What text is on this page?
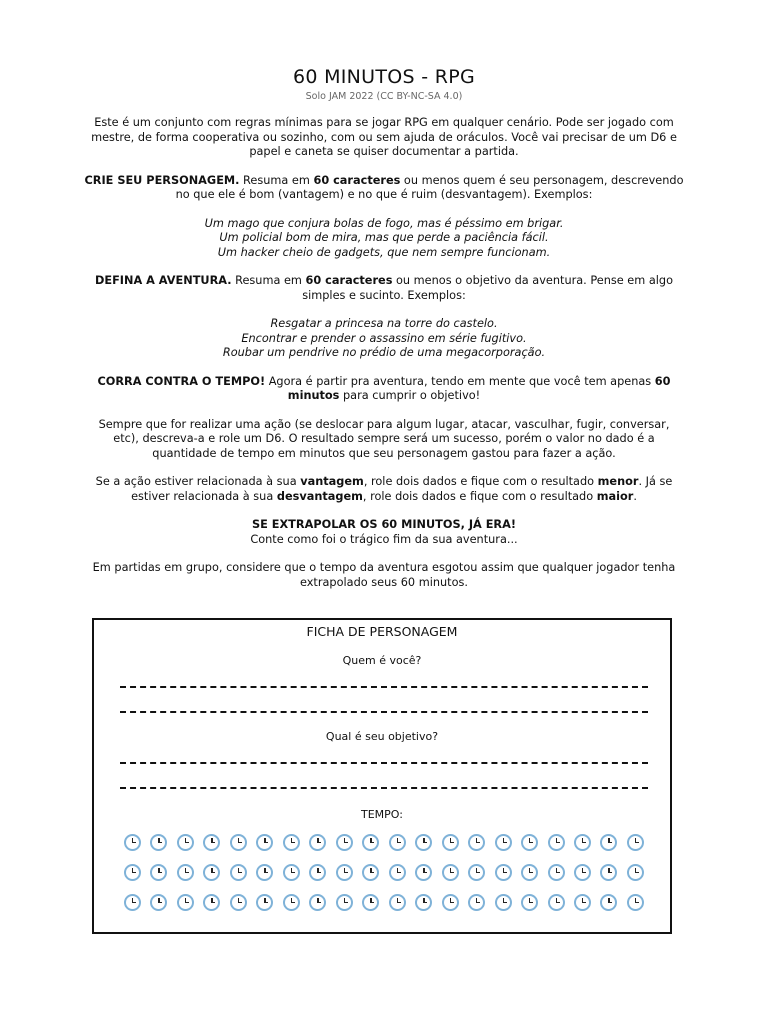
60 MINUTOS - RPG
Solo JAM 2022 (CC BY-NC-SA 4.0)

Este é um conjunto com regras mínimas para se jogar RPG em qualquer cenário. Pode ser jogado com mestre, de forma cooperativa ou sozinho, com ou sem ajuda de oráculos. Você vai precisar de um D6 e papel e caneta se quiser documentar a partida.

CRIE SEU PERSONAGEM. Resuma em 60 caracteres ou menos quem é seu personagem, descrevendo no que ele é bom (vantagem) e no que é ruim (desvantagem). Exemplos:

Um mago que conjura bolas de fogo, mas é péssimo em brigar.
Um policial bom de mira, mas que perde a paciência fácil.
Um hacker cheio de gadgets, que nem sempre funcionam.

DEFINA A AVENTURA. Resuma em 60 caracteres ou menos o objetivo da aventura. Pense em algo simples e sucinto. Exemplos:

Resgatar a princesa na torre do castelo.
Encontrar e prender o assassino em série fugitivo.
Roubar um pendrive no prédio de uma megacorporação.

CORRA CONTRA O TEMPO! Agora é partir pra aventura, tendo em mente que você tem apenas 60 minutos para cumprir o objetivo!

Sempre que for realizar uma ação (se deslocar para algum lugar, atacar, vasculhar, fugir, conversar, etc), descreva-a e role um D6. O resultado sempre será um sucesso, porém o valor no dado é a quantidade de tempo em minutos que seu personagem gastou para fazer a ação.

Se a ação estiver relacionada à sua vantagem, role dois dados e fique com o resultado menor. Já se estiver relacionada à sua desvantagem, role dois dados e fique com o resultado maior.

SE EXTRAPOLAR OS 60 MINUTOS, JÁ ERA!
Conte como foi o trágico fim da sua aventura...

Em partidas em grupo, considere que o tempo da aventura esgotou assim que qualquer jogador tenha extrapolado seus 60 minutos.

FICHA DE PERSONAGEM
Quem é você?
Qual é seu objetivo?
TEMPO:
